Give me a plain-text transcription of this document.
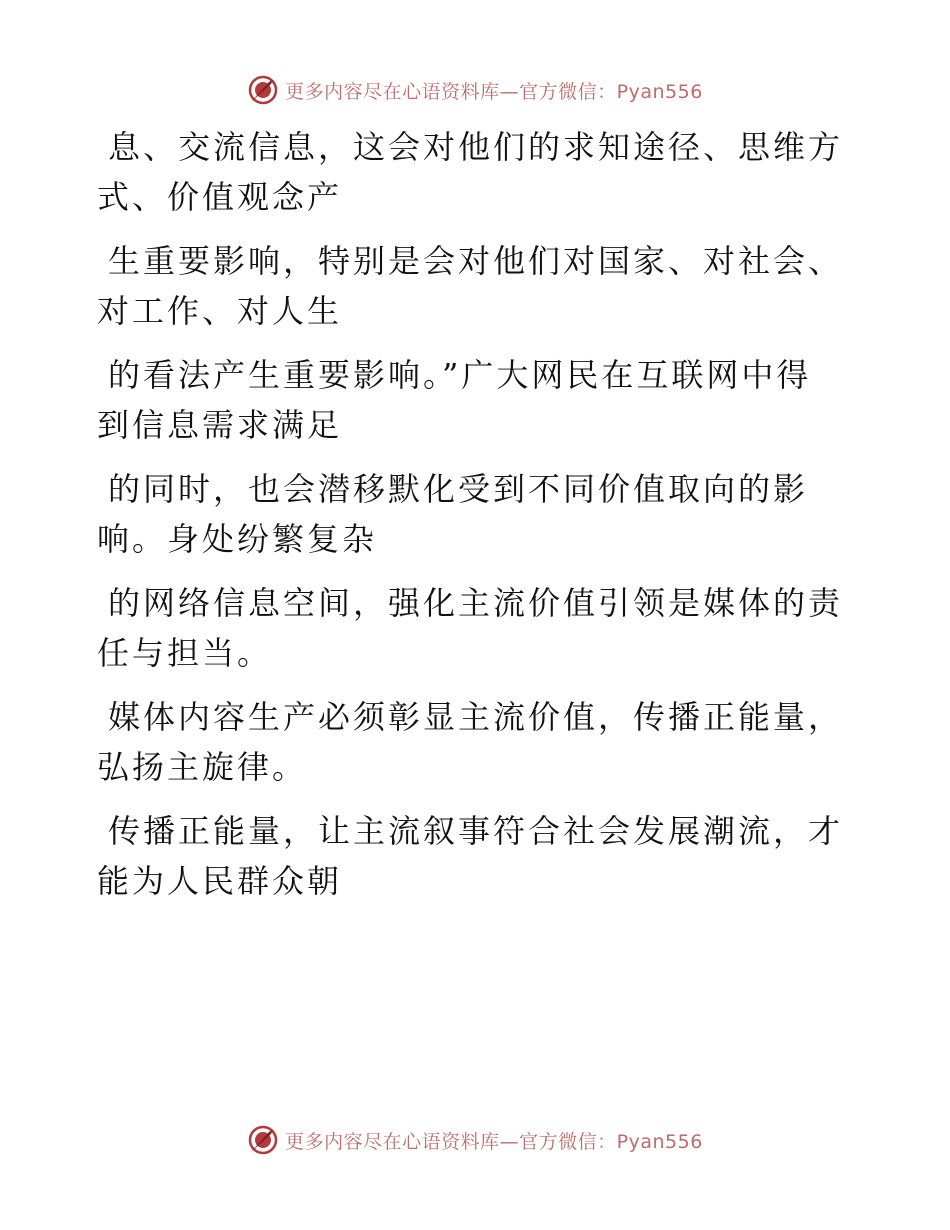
更多内容尽在心语资料库—官方微信：Pyan556

息、交流信息，这会对他们的求知途径、思维方
式、价值观念产

生重要影响，特别是会对他们对国家、对社会、
对工作、对人生

的看法产生重要影响。”广大网民在互联网中得
到信息需求满足

的同时，也会潜移默化受到不同价值取向的影
响。身处纷繁复杂

的网络信息空间，强化主流价值引领是媒体的责
任与担当。

媒体内容生产必须彰显主流价值，传播正能量，
弘扬主旋律。

传播正能量，让主流叙事符合社会发展潮流，才
能为人民群众朝

更多内容尽在心语资料库—官方微信：Pyan556
